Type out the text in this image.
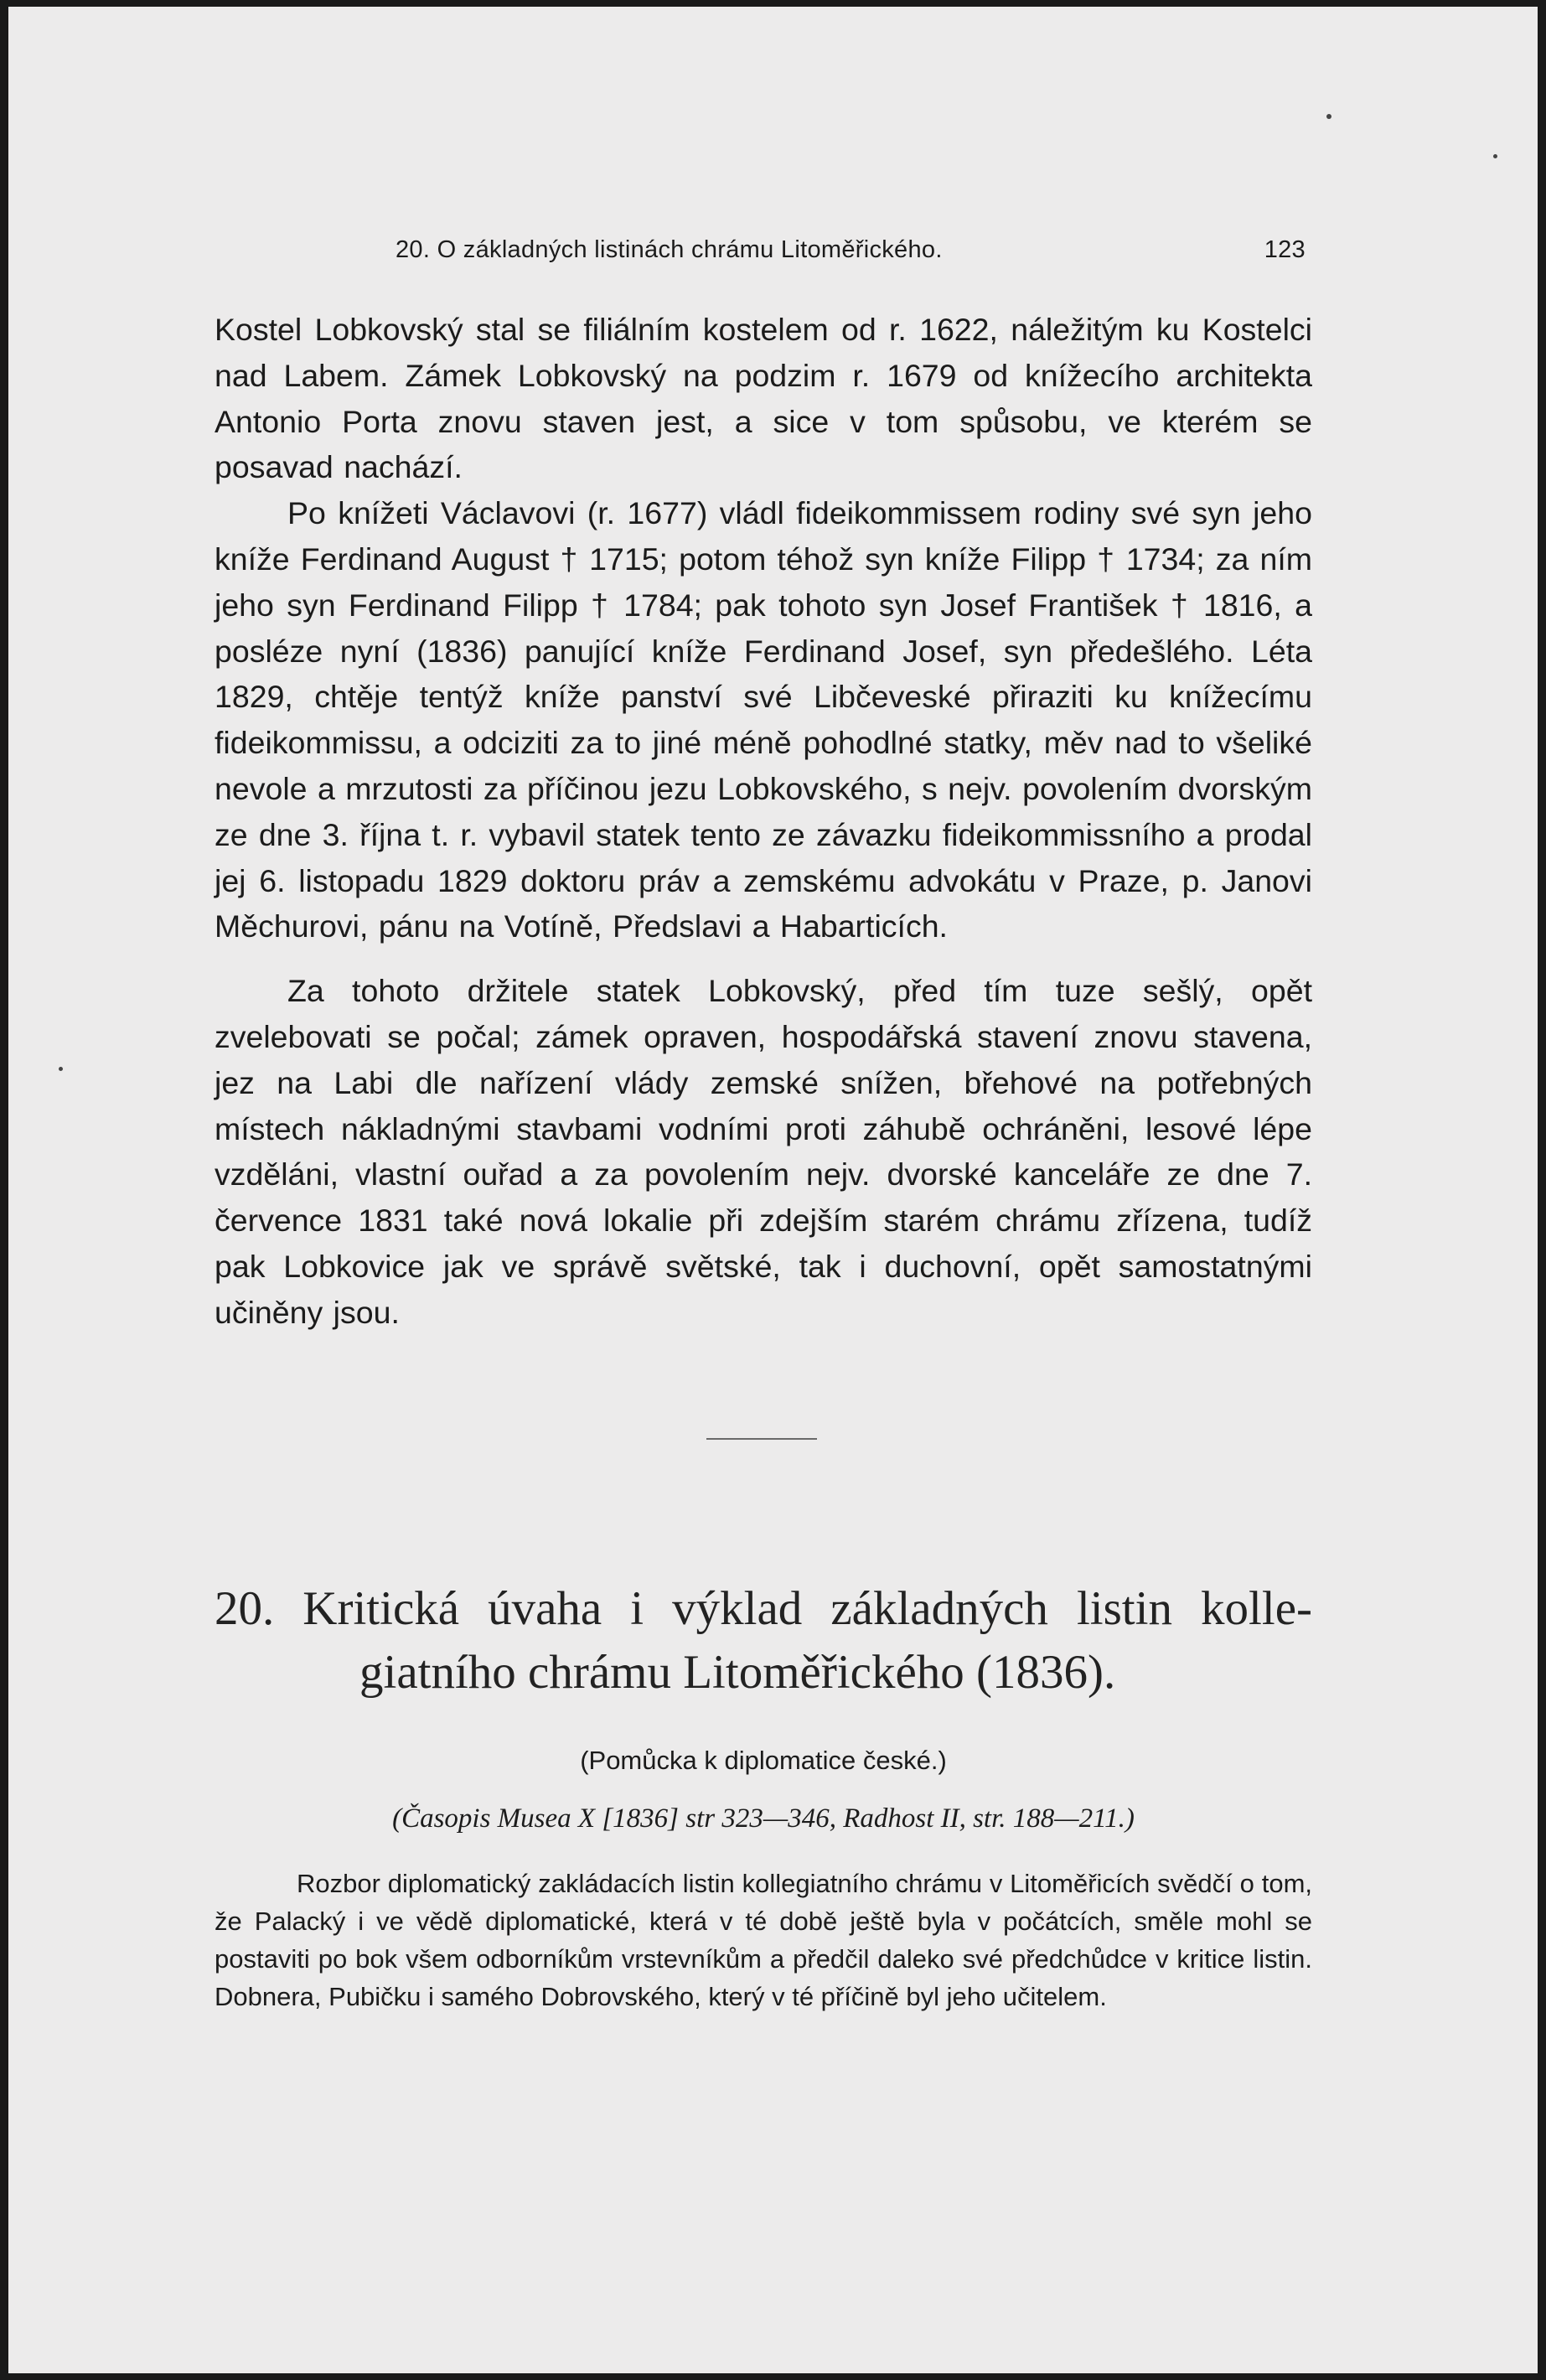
20. O základných listinách chrámu Litoměřického.	123

Kostel Lobkovský stal se filiálním kostelem od r. 1622, náležitým ku Kostelci nad Labem. Zámek Lobkovský na podzim r. 1679 od knížecího architekta Antonio Porta znovu staven jest, a sice v tom spůsobu, ve kterém se posavad nachází.

Po knížeti Václavovi (r. 1677) vládl fideikommissem rodiny své syn jeho kníže Ferdinand August † 1715; potom téhož syn kníže Filipp † 1734; za ním jeho syn Ferdinand Filipp † 1784; pak tohoto syn Josef František † 1816, a posléze nyní (1836) panující kníže Ferdinand Josef, syn předešlého. Léta 1829, chtěje tentýž kníže panství své Libčeveské přiraziti ku knížecímu fideikommissu, a odciziti za to jiné méně pohodlné statky, měv nad to všeliké nevole a mrzutosti za příčinou jezu Lobkovského, s nejv. povolením dvorským ze dne 3. října t. r. vybavil statek tento ze závazku fideikommissního a prodal jej 6. listopadu 1829 doktoru práv a zemskému advokátu v Praze, p. Janovi Měchurovi, pánu na Votíně, Předslavi a Habarticích.

Za tohoto držitele statek Lobkovský, před tím tuze sešlý, opět zvelebovati se počal; zámek opraven, hospodářská stavení znovu stavena, jez na Labi dle nařízení vlády zemské snížen, břehové na potřebných místech nákladnými stavbami vodními proti záhubě ochráněni, lesové lépe vzděláni, vlastní ouřad a za povolením nejv. dvorské kanceláře ze dne 7. července 1831 také nová lokalie při zdejším starém chrámu zřízena, tudíž pak Lobkovice jak ve správě světské, tak i duchovní, opět samostatnými učiněny jsou.

20. Kritická úvaha i výklad základných listin kolle-
giatního chrámu Litoměřického (1836).
(Pomůcka k diplomatice české.)
(Časopis Musea X [1836] str 323—346, Radhost II, str. 188—211.)
Rozbor diplomatický zakládacích listin kollegiatního chrámu v Litoměřicích svědčí o tom, že Palacký i ve vědě diplomatické, která v té době ještě byla v počátcích, směle mohl se postaviti po bok všem odborníkům vrstevníkům a předčil daleko své předchůdce v kritice listin. Dobnera, Pubičku i samého Dobrovského, který v té příčině byl jeho učitelem.
